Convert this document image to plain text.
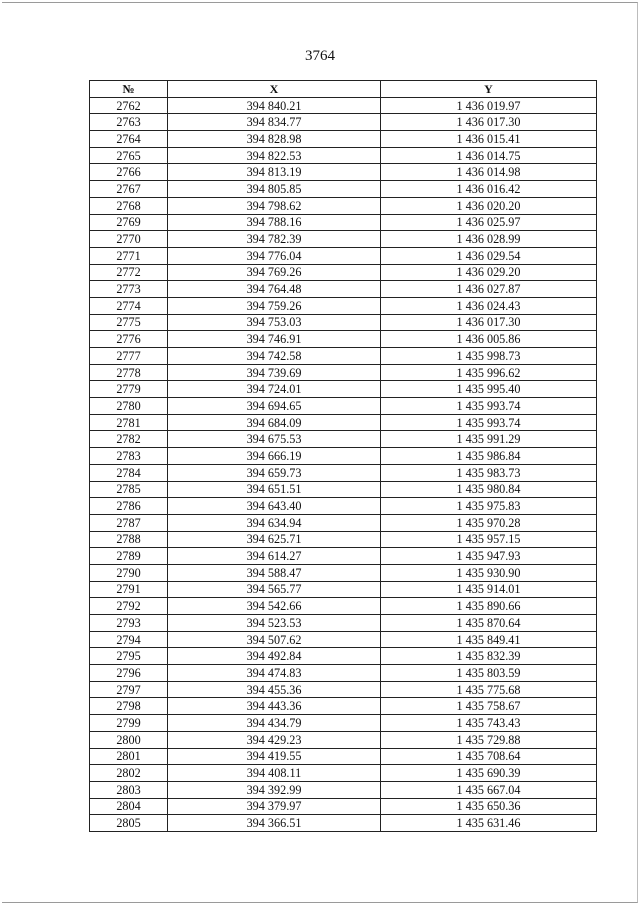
3764
№	X	Y
2762	394 840.21	1 436 019.97
2763	394 834.77	1 436 017.30
2764	394 828.98	1 436 015.41
2765	394 822.53	1 436 014.75
2766	394 813.19	1 436 014.98
2767	394 805.85	1 436 016.42
2768	394 798.62	1 436 020.20
2769	394 788.16	1 436 025.97
2770	394 782.39	1 436 028.99
2771	394 776.04	1 436 029.54
2772	394 769.26	1 436 029.20
2773	394 764.48	1 436 027.87
2774	394 759.26	1 436 024.43
2775	394 753.03	1 436 017.30
2776	394 746.91	1 436 005.86
2777	394 742.58	1 435 998.73
2778	394 739.69	1 435 996.62
2779	394 724.01	1 435 995.40
2780	394 694.65	1 435 993.74
2781	394 684.09	1 435 993.74
2782	394 675.53	1 435 991.29
2783	394 666.19	1 435 986.84
2784	394 659.73	1 435 983.73
2785	394 651.51	1 435 980.84
2786	394 643.40	1 435 975.83
2787	394 634.94	1 435 970.28
2788	394 625.71	1 435 957.15
2789	394 614.27	1 435 947.93
2790	394 588.47	1 435 930.90
2791	394 565.77	1 435 914.01
2792	394 542.66	1 435 890.66
2793	394 523.53	1 435 870.64
2794	394 507.62	1 435 849.41
2795	394 492.84	1 435 832.39
2796	394 474.83	1 435 803.59
2797	394 455.36	1 435 775.68
2798	394 443.36	1 435 758.67
2799	394 434.79	1 435 743.43
2800	394 429.23	1 435 729.88
2801	394 419.55	1 435 708.64
2802	394 408.11	1 435 690.39
2803	394 392.99	1 435 667.04
2804	394 379.97	1 435 650.36
2805	394 366.51	1 435 631.46
